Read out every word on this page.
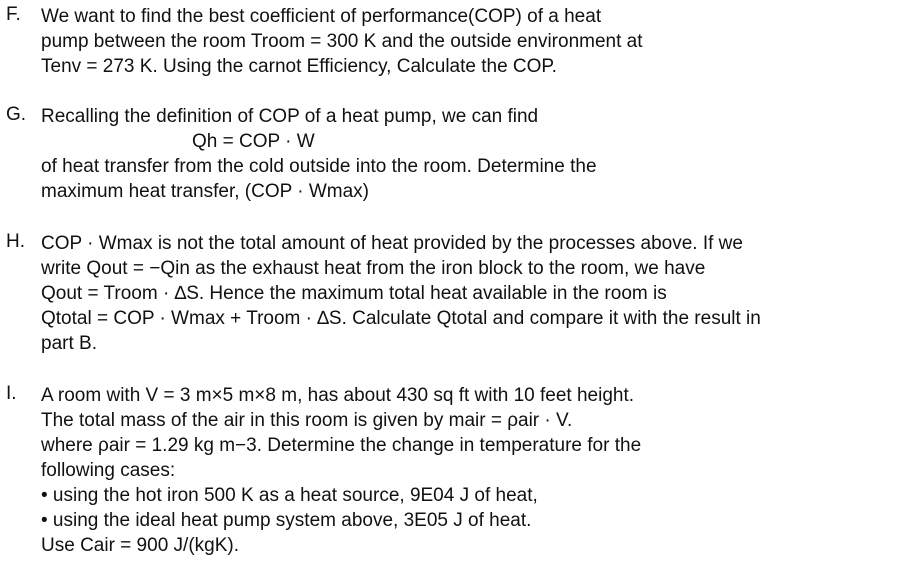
F.	We want to find the best coefficient of performance(COP) of a heat
pump between the room Troom = 300 K and the outside environment at
Tenv = 273 K. Using the carnot Efficiency, Calculate the COP.
G. Recalling the definition of COP of a heat pump, we can find
Qh = COP · W
of heat transfer from the cold outside into the room. Determine the
maximum heat transfer, (COP · Wmax)
H. COP · Wmax is not the total amount of heat provided by the processes above. If we
write Qout = −Qin as the exhaust heat from the iron block to the room, we have
Qout = Troom · ∆S. Hence the maximum total heat available in the room is
Qtotal = COP · Wmax + Troom · ∆S. Calculate Qtotal and compare it with the result in
part B.
I.	A room with V = 3 m×5 m×8 m, has about 430 sq ft with 10 feet height.
The total mass of the air in this room is given by mair = ρair · V.
where ρair = 1.29 kg m−3. Determine the change in temperature for the
following cases:
• using the hot iron 500 K as a heat source, 9E04 J of heat,
• using the ideal heat pump system above, 3E05 J of heat.
Use Cair = 900 J/(kgK).
